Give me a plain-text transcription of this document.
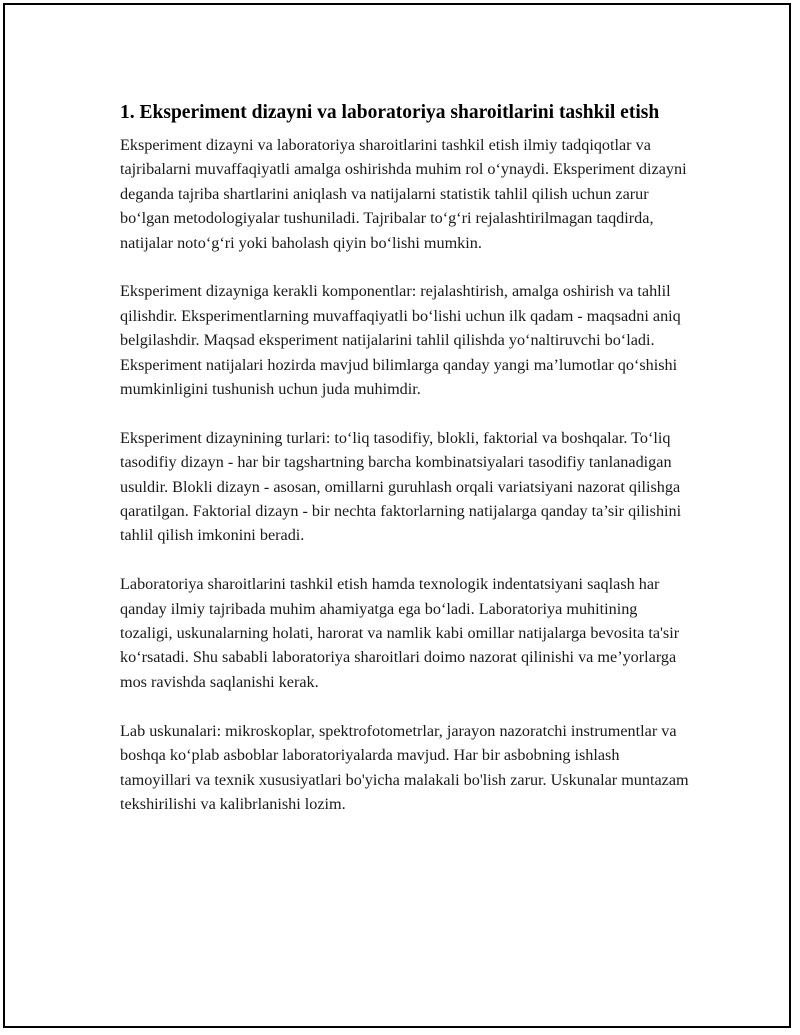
1. Eksperiment dizayni va laboratoriya sharoitlarini tashkil etish

Eksperiment dizayni va laboratoriya sharoitlarini tashkil etish ilmiy tadqiqotlar va tajribalarni muvaffaqiyatli amalga oshirishda muhim rol o‘ynaydi. Eksperiment dizayni deganda tajriba shartlarini aniqlash va natijalarni statistik tahlil qilish uchun zarur bo‘lgan metodologiyalar tushuniladi. Tajribalar to‘g‘ri rejalashtirilmagan taqdirda, natijalar noto‘g‘ri yoki baholash qiyin bo‘lishi mumkin.

Eksperiment dizayniga kerakli komponentlar: rejalashtirish, amalga oshirish va tahlil qilishdir. Eksperimentlarning muvaffaqiyatli bo‘lishi uchun ilk qadam - maqsadni aniq belgilashdir. Maqsad eksperiment natijalarini tahlil qilishda yo‘naltiruvchi bo‘ladi. Eksperiment natijalari hozirda mavjud bilimlarga qanday yangi ma’lumotlar qo‘shishi mumkinligini tushunish uchun juda muhimdir.

Eksperiment dizaynining turlari: to‘liq tasodifiy, blokli, faktorial va boshqalar. To‘liq tasodifiy dizayn - har bir tagshartning barcha kombinatsiyalari tasodifiy tanlanadigan usuldir. Blokli dizayn - asosan, omillarni guruhlash orqali variatsiyani nazorat qilishga qaratilgan. Faktorial dizayn - bir nechta faktorlarning natijalarga qanday ta’sir qilishini tahlil qilish imkonini beradi.

Laboratoriya sharoitlarini tashkil etish hamda texnologik indentatsiyani saqlash har qanday ilmiy tajribada muhim ahamiyatga ega bo‘ladi. Laboratoriya muhitining tozaligi, uskunalarning holati, harorat va namlik kabi omillar natijalarga bevosita ta'sir ko‘rsatadi. Shu sababli laboratoriya sharoitlari doimo nazorat qilinishi va me’yorlarga mos ravishda saqlanishi kerak.

Lab uskunalari: mikroskoplar, spektrofotometrlar, jarayon nazoratchi instrumentlar va boshqa ko‘plab asboblar laboratoriyalarda mavjud. Har bir asbobning ishlash tamoyillari va texnik xususiyatlari bo'yicha malakali bo'lish zarur. Uskunalar muntazam tekshirilishi va kalibrlanishi lozim.
